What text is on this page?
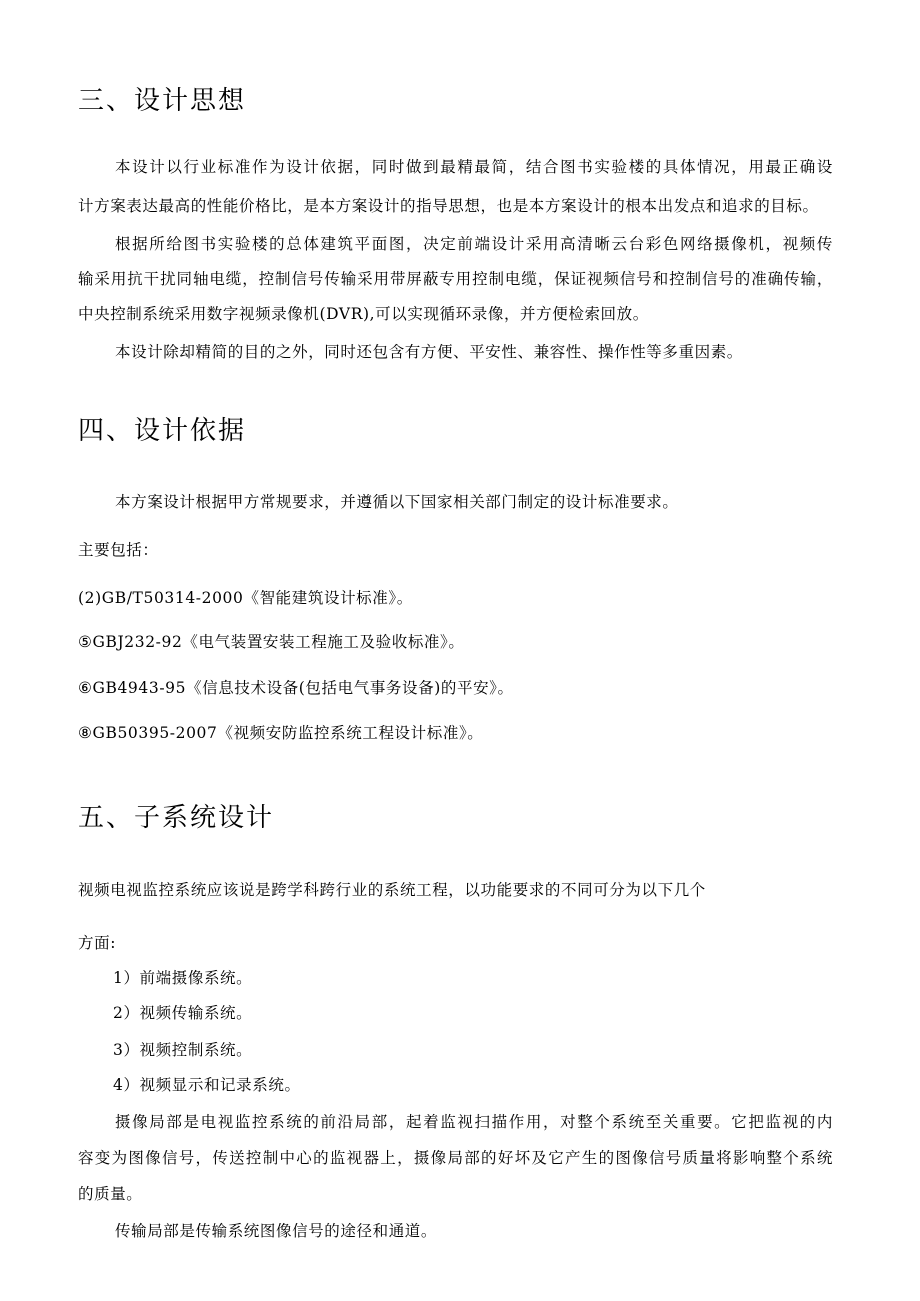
三、设计思想
本设计以行业标准作为设计依据，同时做到最精最简，结合图书实验楼的具体情况，用最正确设
计方案表达最高的性能价格比，是本方案设计的指导思想，也是本方案设计的根本出发点和追求的目标。
根据所给图书实验楼的总体建筑平面图，决定前端设计采用高清晰云台彩色网络摄像机，视频传
输采用抗干扰同轴电缆，控制信号传输采用带屏蔽专用控制电缆，保证视频信号和控制信号的准确传输，
中央控制系统采用数字视频录像机(DVR),可以实现循环录像，并方便检索回放。
本设计除却精简的目的之外，同时还包含有方便、平安性、兼容性、操作性等多重因素。
四、设计依据
本方案设计根据甲方常规要求，并遵循以下国家相关部门制定的设计标准要求。
主要包括：
(2)GB/T50314-2000《智能建筑设计标准》。
⑤GBJ232-92《电气装置安装工程施工及验收标准》。
⑥GB4943-95《信息技术设备(包括电气事务设备)的平安》。
⑧GB50395-2007《视频安防监控系统工程设计标准》。
五、子系统设计
视频电视监控系统应该说是跨学科跨行业的系统工程，以功能要求的不同可分为以下几个
方面:
1）前端摄像系统。
2）视频传输系统。
3）视频控制系统。
4）视频显示和记录系统。
摄像局部是电视监控系统的前沿局部，起着监视扫描作用，对整个系统至关重要。它把监视的内
容变为图像信号，传送控制中心的监视器上，摄像局部的好坏及它产生的图像信号质量将影响整个系统
的质量。
传输局部是传输系统图像信号的途径和通道。
